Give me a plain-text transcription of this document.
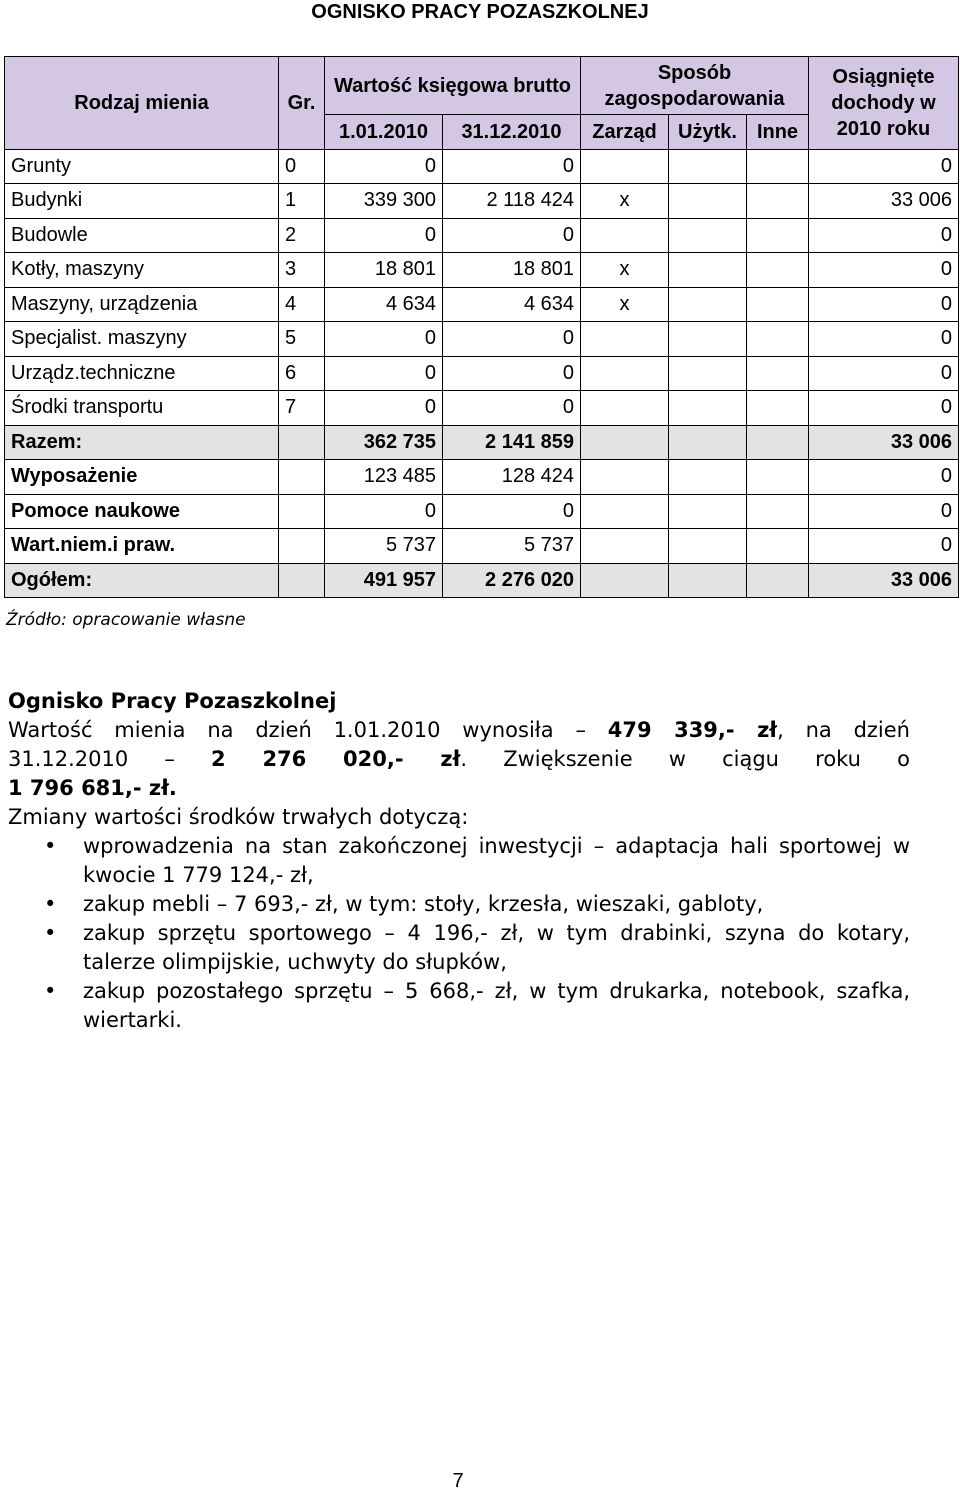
OGNISKO PRACY POZASZKOLNEJ
Rodzaj mienia	Gr.	Wartość księgowa brutto		Sposób zagospodarowania			Osiągnięte dochody w 2010 roku
		1.01.2010	31.12.2010	Zarząd	Użytk.	Inne	
Grunty	0	0	0				0
Budynki	1	339 300	2 118 424	x			33 006
Budowle	2	0	0				0
Kotły, maszyny	3	18 801	18 801	x			0
Maszyny, urządzenia	4	4 634	4 634	x			0
Specjalist. maszyny	5	0	0				0
Urządz.techniczne	6	0	0				0
Środki transportu	7	0	0				0
Razem:		362 735	2 141 859				33 006
Wyposażenie		123 485	128 424				0
Pomoce naukowe		0	0				0
Wart.niem.i praw.		5 737	5 737				0
Ogółem:		491 957	2 276 020				33 006
Źródło: opracowanie własne
Ognisko Pracy Pozaszkolnej
Wartość mienia na dzień 1.01.2010 wynosiła – 479 339,- zł, na dzień
31.12.2010 – 2 276 020,- zł. Zwiększenie w ciągu roku o
1 796 681,- zł.
Zmiany wartości środków trwałych dotyczą:
• wprowadzenia na stan zakończonej inwestycji – adaptacja hali sportowej w kwocie 1 779 124,- zł,
• zakup mebli – 7 693,- zł, w tym: stoły, krzesła, wieszaki, gabloty,
• zakup sprzętu sportowego – 4 196,- zł, w tym drabinki, szyna do kotary, talerze olimpijskie, uchwyty do słupków,
• zakup pozostałego sprzętu – 5 668,- zł, w tym drukarka, notebook, szafka, wiertarki.
7
